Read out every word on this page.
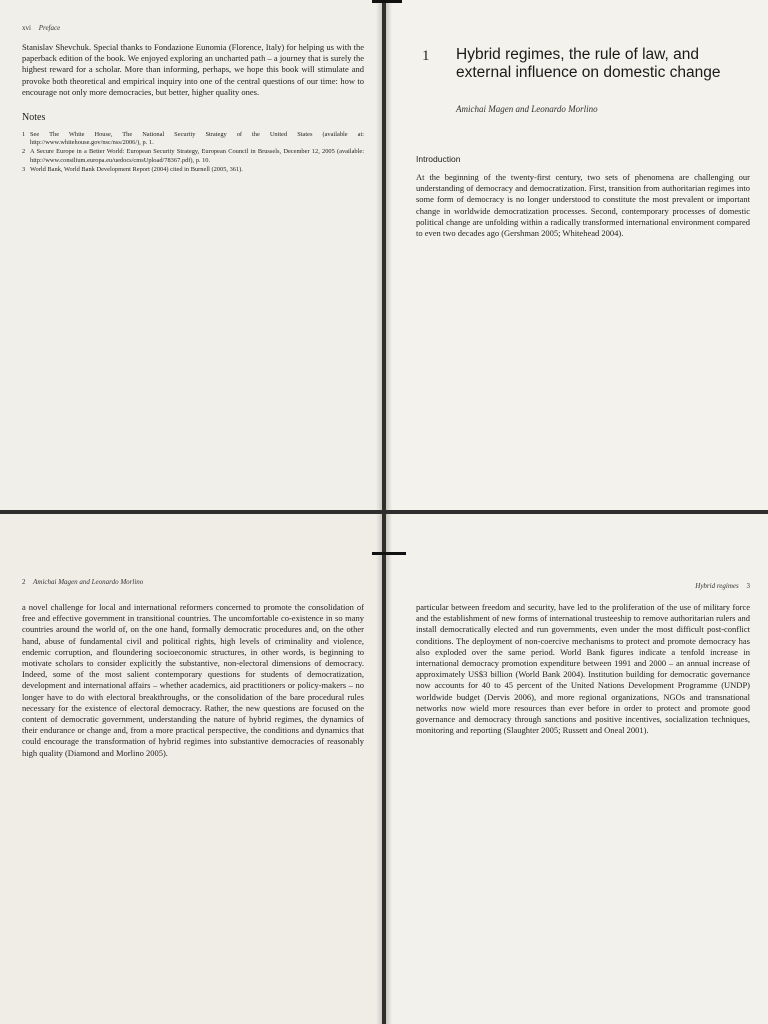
xvi Preface

Stanislav Shevchuk. Special thanks to Fondazione Eunomia (Florence, Italy) for helping us with the paperback edition of the book. We enjoyed exploring an uncharted path – a journey that is surely the highest reward for a scholar. More than informing, perhaps, we hope this book will stimulate and provoke both theoretical and empirical inquiry into one of the central questions of our time: how to encourage not only more democracies, but better, higher quality ones.

Notes
1 See The White House, The National Security Strategy of the United States (available at: http://www.whitehouse.gov/nsc/nss/2006/), p. 1.
2 A Secure Europe in a Better World: European Security Strategy, European Council in Brussels, December 12, 2005 (available: http://www.consilium.europa.eu/uedocs/cmsUpload/78367.pdf), p. 10.
3 World Bank, World Bank Development Report (2004) cited in Burnell (2005, 361).
1 Hybrid regimes, the rule of law, and external influence on domestic change
Amichai Magen and Leonardo Morlino
Introduction

At the beginning of the twenty-first century, two sets of phenomena are challenging our understanding of democracy and democratization. First, transition from authoritarian regimes into some form of democracy is no longer understood to constitute the most prevalent or important change in worldwide democratization processes. Second, contemporary processes of domestic political change are unfolding within a radically transformed international environment compared to even two decades ago (Gershman 2005; Whitehead 2004).

2 Amichai Magen and Leonardo Morlino

a novel challenge for local and international reformers concerned to promote the consolidation of free and effective government in transitional countries. The uncomfortable co-existence in so many countries around the world of, on the one hand, formally democratic procedures and, on the other hand, abuse of fundamental civil and political rights, high levels of criminality and violence, endemic corruption, and floundering socioeconomic structures, in other words, is beginning to motivate scholars to consider explicitly the substantive, non-electoral dimensions of democracy. Indeed, some of the most salient contemporary questions for students of democratization, development and international affairs – whether academics, aid practitioners or policy-makers – no longer have to do with electoral breakthroughs, or the consolidation of the bare procedural rules necessary for the existence of electoral democracy. Rather, the new questions are focused on the content of democratic government, understanding the nature of hybrid regimes, the dynamics of their endurance or change and, from a more practical perspective, the conditions and dynamics that could encourage the transformation of hybrid regimes into substantive democracies of reasonably high quality (Diamond and Morlino 2005).

Hybrid regimes 3

particular between freedom and security, have led to the proliferation of the use of military force and the establishment of new forms of international trusteeship to remove authoritarian rulers and install democratically elected and run governments, even under the most difficult post-conflict conditions. The deployment of non-coercive mechanisms to protect and promote democracy has also exploded over the same period. World Bank figures indicate a tenfold increase in international democracy promotion expenditure between 1991 and 2000 – an annual increase of approximately US$3 billion (World Bank 2004). Institution building for democratic governance now accounts for 40 to 45 percent of the United Nations Development Programme (UNDP) worldwide budget (Dervis 2006), and more regional organizations, NGOs and transnational networks now wield more resources than ever before in order to protect and promote good governance and democracy through sanctions and positive incentives, socialization techniques, monitoring and reporting (Slaughter 2005; Russett and Oneal 2001).
